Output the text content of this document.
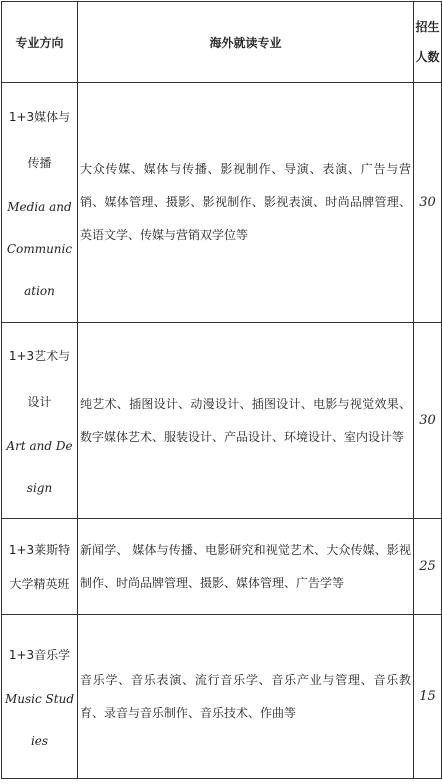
专业方向	海外就读专业	招生
人数

1+3媒体与
传播
Media and Communication	大众传媒、媒体与传播、影视制作、导演、表演、广告与营销、媒体管理、摄影、影视制作、影视表演、时尚品牌管理、英语文学、传媒与营销双学位等	30

1+3艺术与
设计
Art and Design	纯艺术、插图设计、动漫设计、插图设计、电影与视觉效果、数字媒体艺术、服装设计、产品设计、环境设计、室内设计等	30

1+3莱斯特
大学精英班	新闻学、 媒体与传播、电影研究和视觉艺术、大众传媒、影视制作、时尚品牌管理、摄影、媒体管理、广告学等	25

1+3音乐学
Music Studies	音乐学、音乐表演、流行音乐学、音乐产业与管理、音乐教育、录音与音乐制作、音乐技术、作曲等	15
